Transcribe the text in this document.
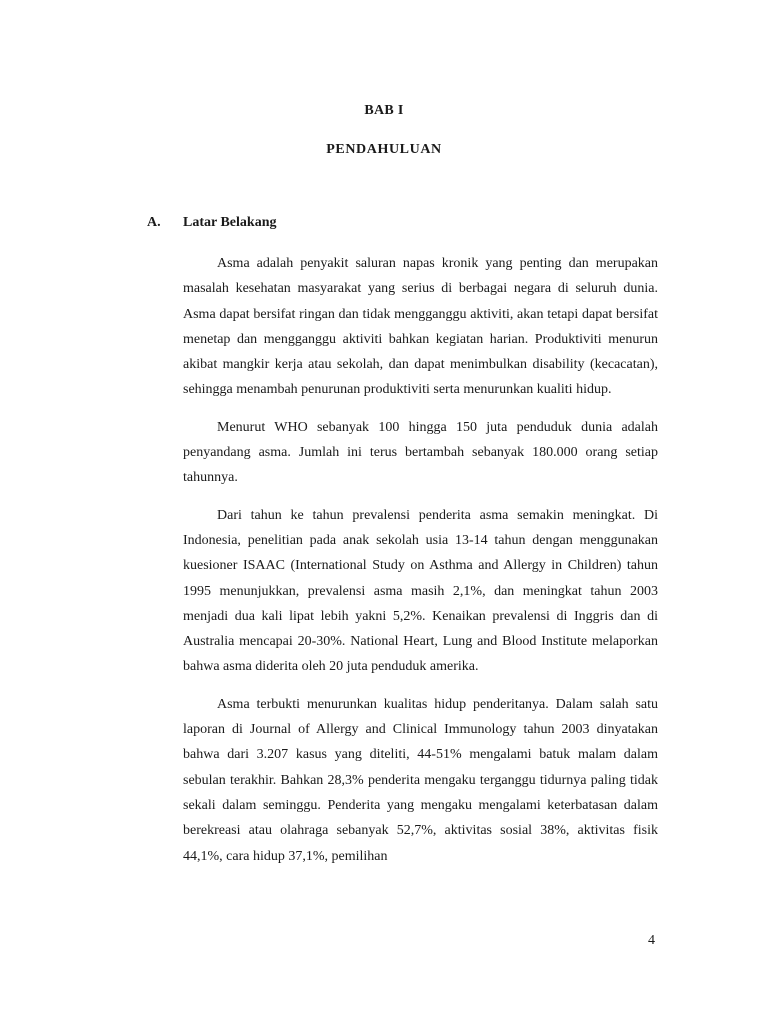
BAB I
PENDAHULUAN
A. Latar Belakang

Asma adalah penyakit saluran napas kronik yang penting dan merupakan masalah kesehatan masyarakat yang serius di berbagai negara di seluruh dunia. Asma dapat bersifat ringan dan tidak mengganggu aktiviti, akan tetapi dapat bersifat menetap dan mengganggu aktiviti bahkan kegiatan harian. Produktiviti menurun akibat mangkir kerja atau sekolah, dan dapat menimbulkan disability (kecacatan), sehingga menambah penurunan produktiviti serta menurunkan kualiti hidup.

Menurut WHO sebanyak 100 hingga 150 juta penduduk dunia adalah penyandang asma. Jumlah ini terus bertambah sebanyak 180.000 orang setiap tahunnya.

Dari tahun ke tahun prevalensi penderita asma semakin meningkat. Di Indonesia, penelitian pada anak sekolah usia 13-14 tahun dengan menggunakan kuesioner ISAAC (International Study on Asthma and Allergy in Children) tahun 1995 menunjukkan, prevalensi asma masih 2,1%, dan meningkat tahun 2003 menjadi dua kali lipat lebih yakni 5,2%. Kenaikan prevalensi di Inggris dan di Australia mencapai 20-30%. National Heart, Lung and Blood Institute melaporkan bahwa asma diderita oleh 20 juta penduduk amerika.

Asma terbukti menurunkan kualitas hidup penderitanya. Dalam salah satu laporan di Journal of Allergy and Clinical Immunology tahun 2003 dinyatakan bahwa dari 3.207 kasus yang diteliti, 44-51% mengalami batuk malam dalam sebulan terakhir. Bahkan 28,3% penderita mengaku terganggu tidurnya paling tidak sekali dalam seminggu. Penderita yang mengaku mengalami keterbatasan dalam berekreasi atau olahraga sebanyak 52,7%, aktivitas sosial 38%, aktivitas fisik 44,1%, cara hidup 37,1%, pemilihan

4
